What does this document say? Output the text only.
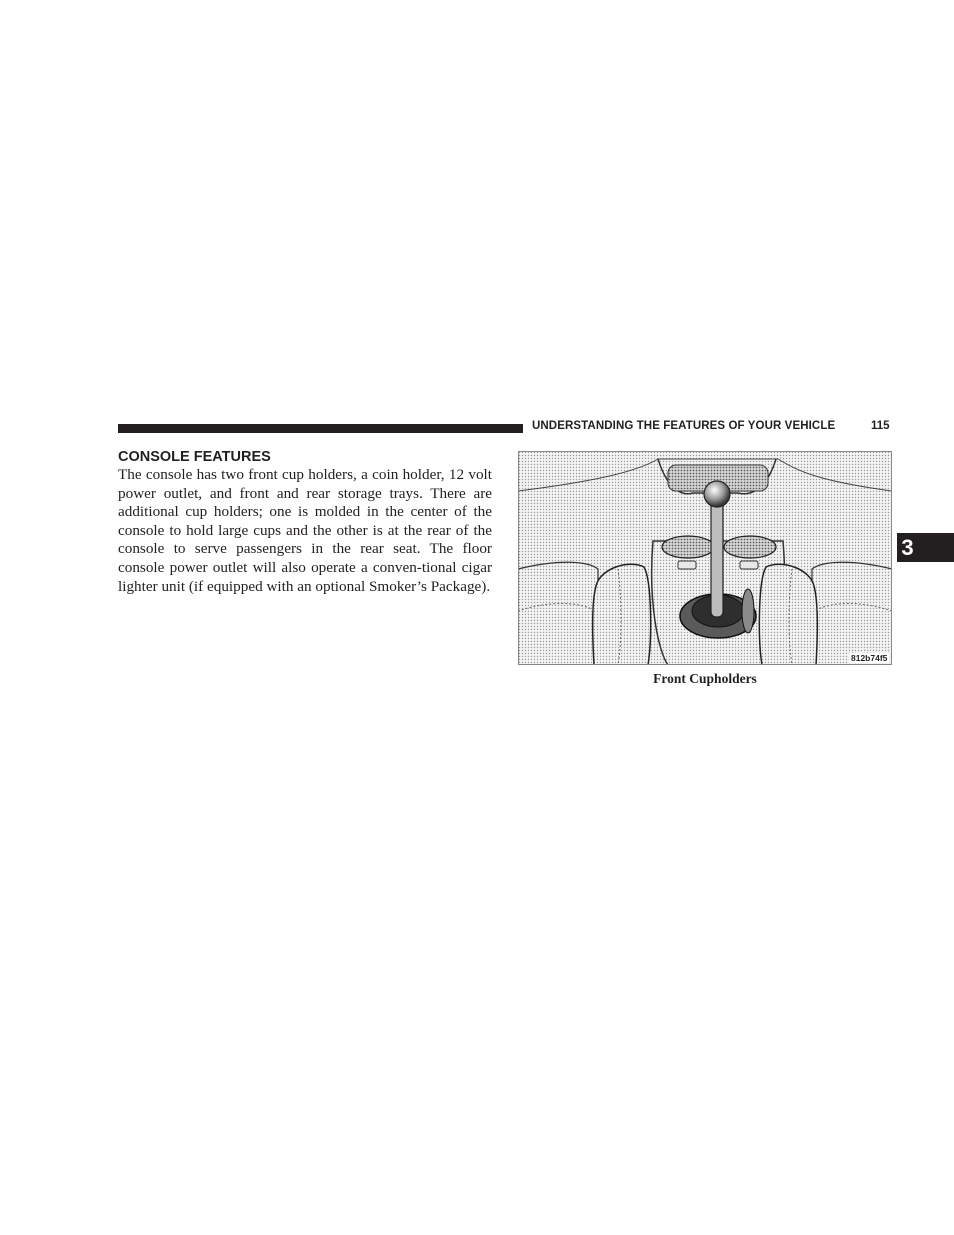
UNDERSTANDING THE FEATURES OF YOUR VEHICLE	115
CONSOLE FEATURES

The console has two front cup holders, a coin holder, 12 volt power outlet, and front and rear storage trays. There are additional cup holders; one is molded in the center of the console to hold large cups and the other is at the rear of the console to serve passengers in the rear seat. The floor console power outlet will also operate a conven-tional cigar lighter unit (if equipped with an optional Smoker’s Package).

3
812b74f5
Front Cupholders
